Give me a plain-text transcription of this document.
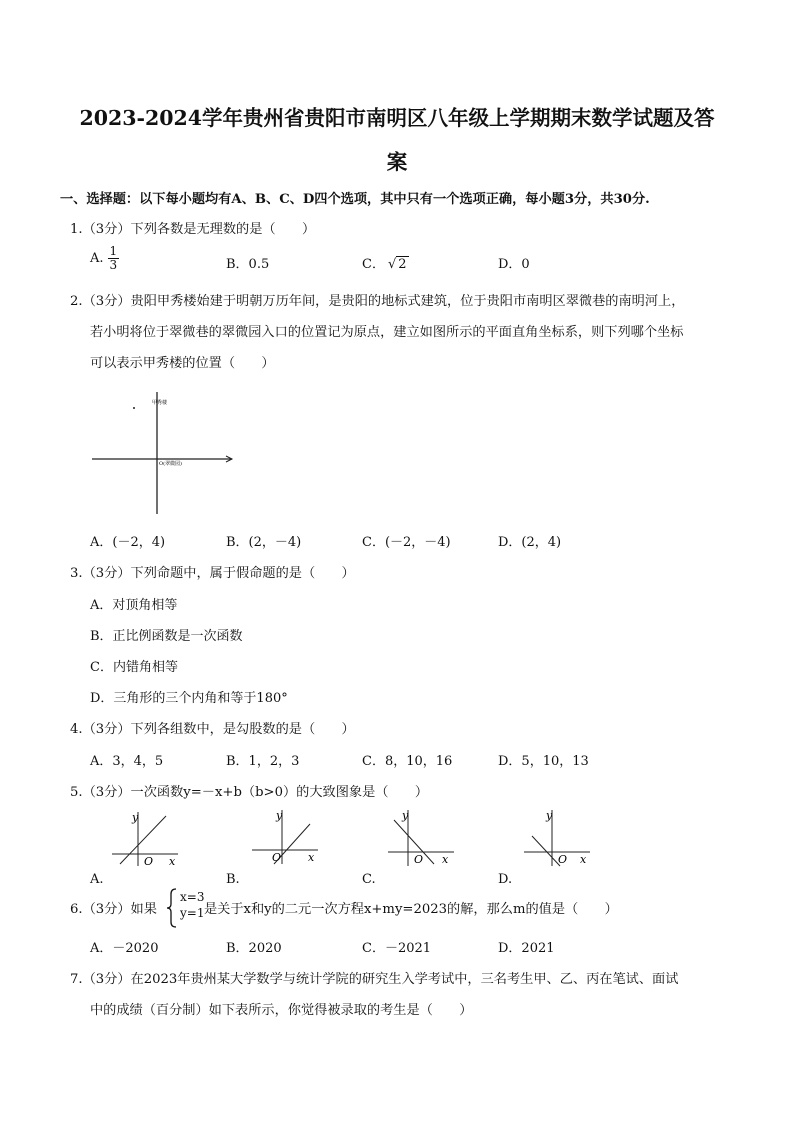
2023-2024学年贵州省贵阳市南明区八年级上学期期末数学试题及答
案
一、选择题：以下每小题均有A、B、C、D四个选项，其中只有一个选项正确，每小题3分，共30分.
1.（3分）下列各数是无理数的是（　　）
A. $\frac{1}{3}$	B．0.5	C． √ 2	D．0
2.（3分）贵阳甲秀楼始建于明朝万历年间，是贵阳的地标式建筑，位于贵阳市南明区翠微巷的南明河上，
若小明将位于翠微巷的翠微园入口的位置记为原点，建立如图所示的平面直角坐标系，则下列哪个坐标
可以表示甲秀楼的位置（　　）
甲秀楼
O(翠微园)
A．(－2，4)	B．(2，－4)	C．(－2，－4)	D．(2，4)
3.（3分）下列命题中，属于假命题的是（　　）
A．对顶角相等
B．正比例函数是一次函数
C．内错角相等
D．三角形的三个内角和等于180°
4.（3分）下列各组数中，是勾股数的是（　　）
A．3，4，5	B．1，2，3	C．8，10，16	D．5，10，13
5.（3分）一次函数y=－x+b（b>0）的大致图象是（　　）
y
O x
A.
y
O x
B.
y
O x
C.
y
O x
D.
6.（3分）如果
x=3
y=1 是关于x和y的二元一次方程x+my=2023的解，那么m的值是（　　）
A．－2020	B．2020	C．－2021	D．2021
7.（3分）在2023年贵州某大学数学与统计学院的研究生入学考试中，三名考生甲、乙、丙在笔试、面试
中的成绩（百分制）如下表所示，你觉得被录取的考生是（　　）
